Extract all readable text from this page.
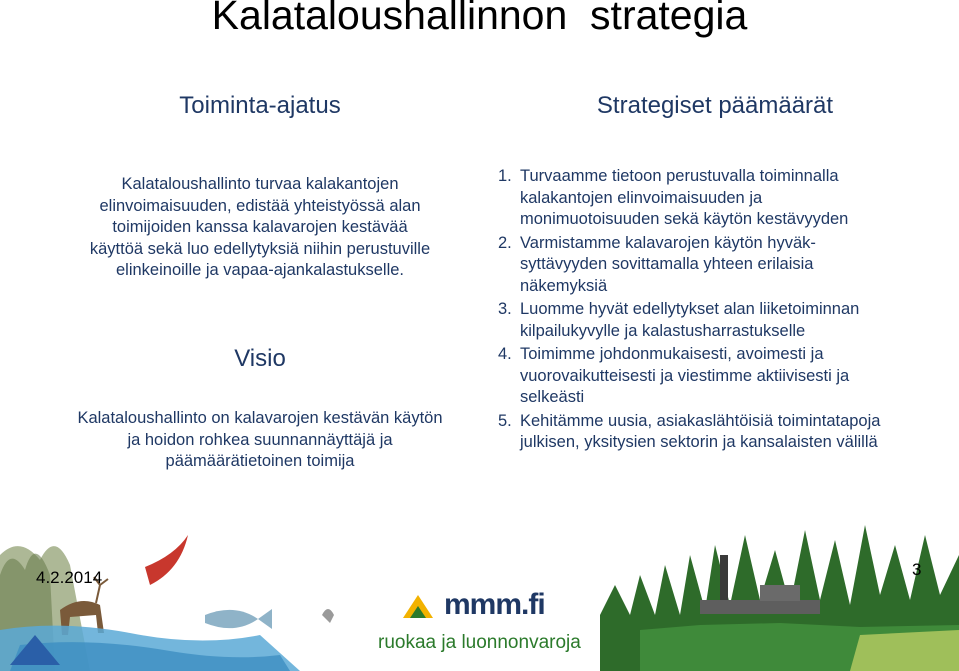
Kalataloushallinnon  strategia
Toiminta-ajatus	Strategiset päämäärät
Kalataloushallinto turvaa kalakantojen
elinvoimaisuuden, edistää yhteistyössä alan
toimijoiden kanssa kalavarojen kestävää
käyttöä sekä luo edellytyksiä niihin perustuville
elinkeinoille ja vapaa-ajankalastukselle.
Visio
Kalataloushallinto on kalavarojen kestävän käytön
ja hoidon rohkea suunnannäyttäjä ja
päämäärätietoinen toimija
1. Turvaamme tietoon perustuvalla toiminnalla
kalakantojen elinvoimaisuuden ja
monimuotoisuuden sekä käytön kestävyyden
2. Varmistamme kalavarojen käytön hyväk-
syttävyyden sovittamalla yhteen erilaisia
näkemyksiä
3. Luomme hyvät edellytykset alan liiketoiminnan
kilpailukyvylle ja kalastusharrastukselle
4. Toimimme johdonmukaisesti, avoimesti ja
vuorovaikutteisesti ja viestimme aktiivisesti ja
selkeästi
5. Kehitämme uusia, asiakaslähtöisiä toimintatapoja
julkisen, yksitysien sektorin ja kansalaisten välillä
4.2.2014	3
mmm.fi
ruokaa ja luonnonvaroja
